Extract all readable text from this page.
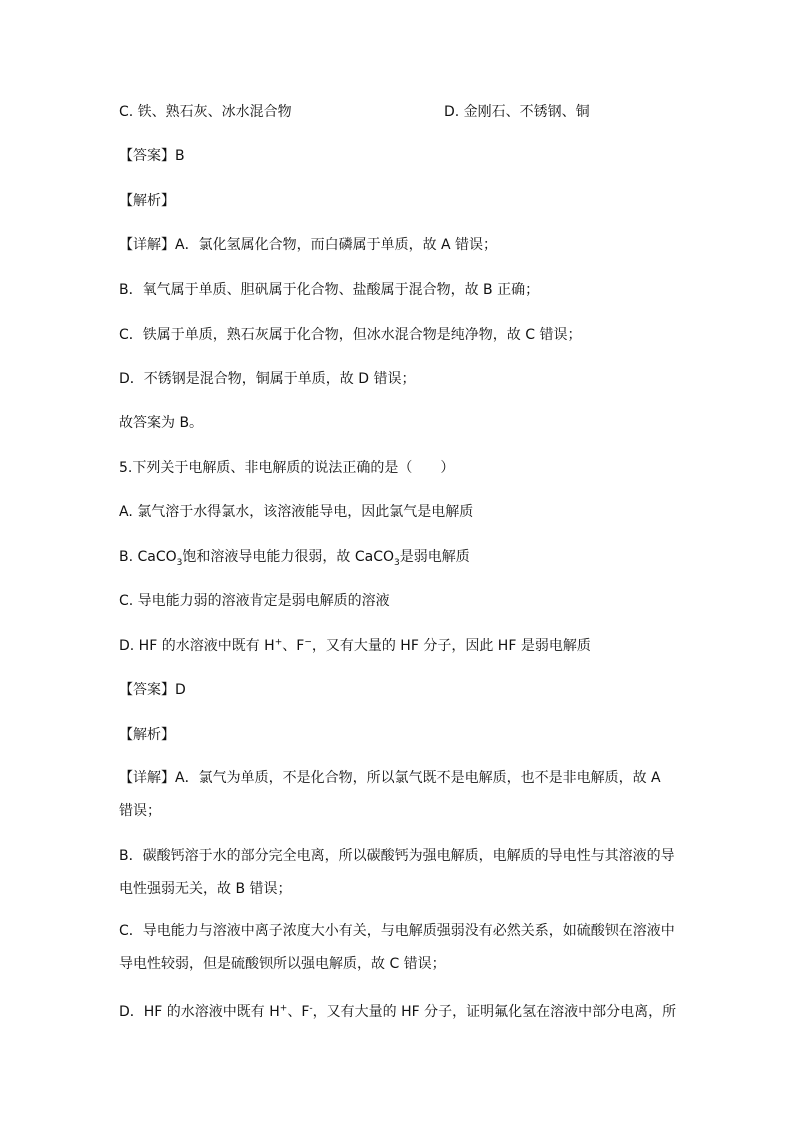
C. 铁、熟石灰、冰水混合物	D. 金刚石、不锈钢、铜
【答案】B
【解析】
【详解】A．氯化氢属化合物，而白磷属于单质，故 A 错误；
B．氧气属于单质、胆矾属于化合物、盐酸属于混合物，故 B 正确；
C．铁属于单质，熟石灰属于化合物，但冰水混合物是纯净物，故 C 错误；
D．不锈钢是混合物，铜属于单质，故 D 错误；
故答案为 B。
5.下列关于电解质、非电解质的说法正确的是（　　）
A. 氯气溶于水得氯水，该溶液能导电，因此氯气是电解质
B. CaCO$_3$饱和溶液导电能力很弱，故 CaCO$_3$是弱电解质
C. 导电能力弱的溶液肯定是弱电解质的溶液
D. HF 的水溶液中既有 H+、F−，又有大量的 HF 分子，因此 HF 是弱电解质
【答案】D
【解析】
【详解】A．氯气为单质，不是化合物，所以氯气既不是电解质，也不是非电解质，故 A 错误；
B．碳酸钙溶于水的部分完全电离，所以碳酸钙为强电解质，电解质的导电性与其溶液的导电性强弱无关，故 B 错误；
C．导电能力与溶液中离子浓度大小有关，与电解质强弱没有必然关系，如硫酸钡在溶液中导电性较弱，但是硫酸钡所以强电解质，故 C 错误；
D．HF 的水溶液中既有 H+、F-，又有大量的 HF 分子，证明氟化氢在溶液中部分电离，所
